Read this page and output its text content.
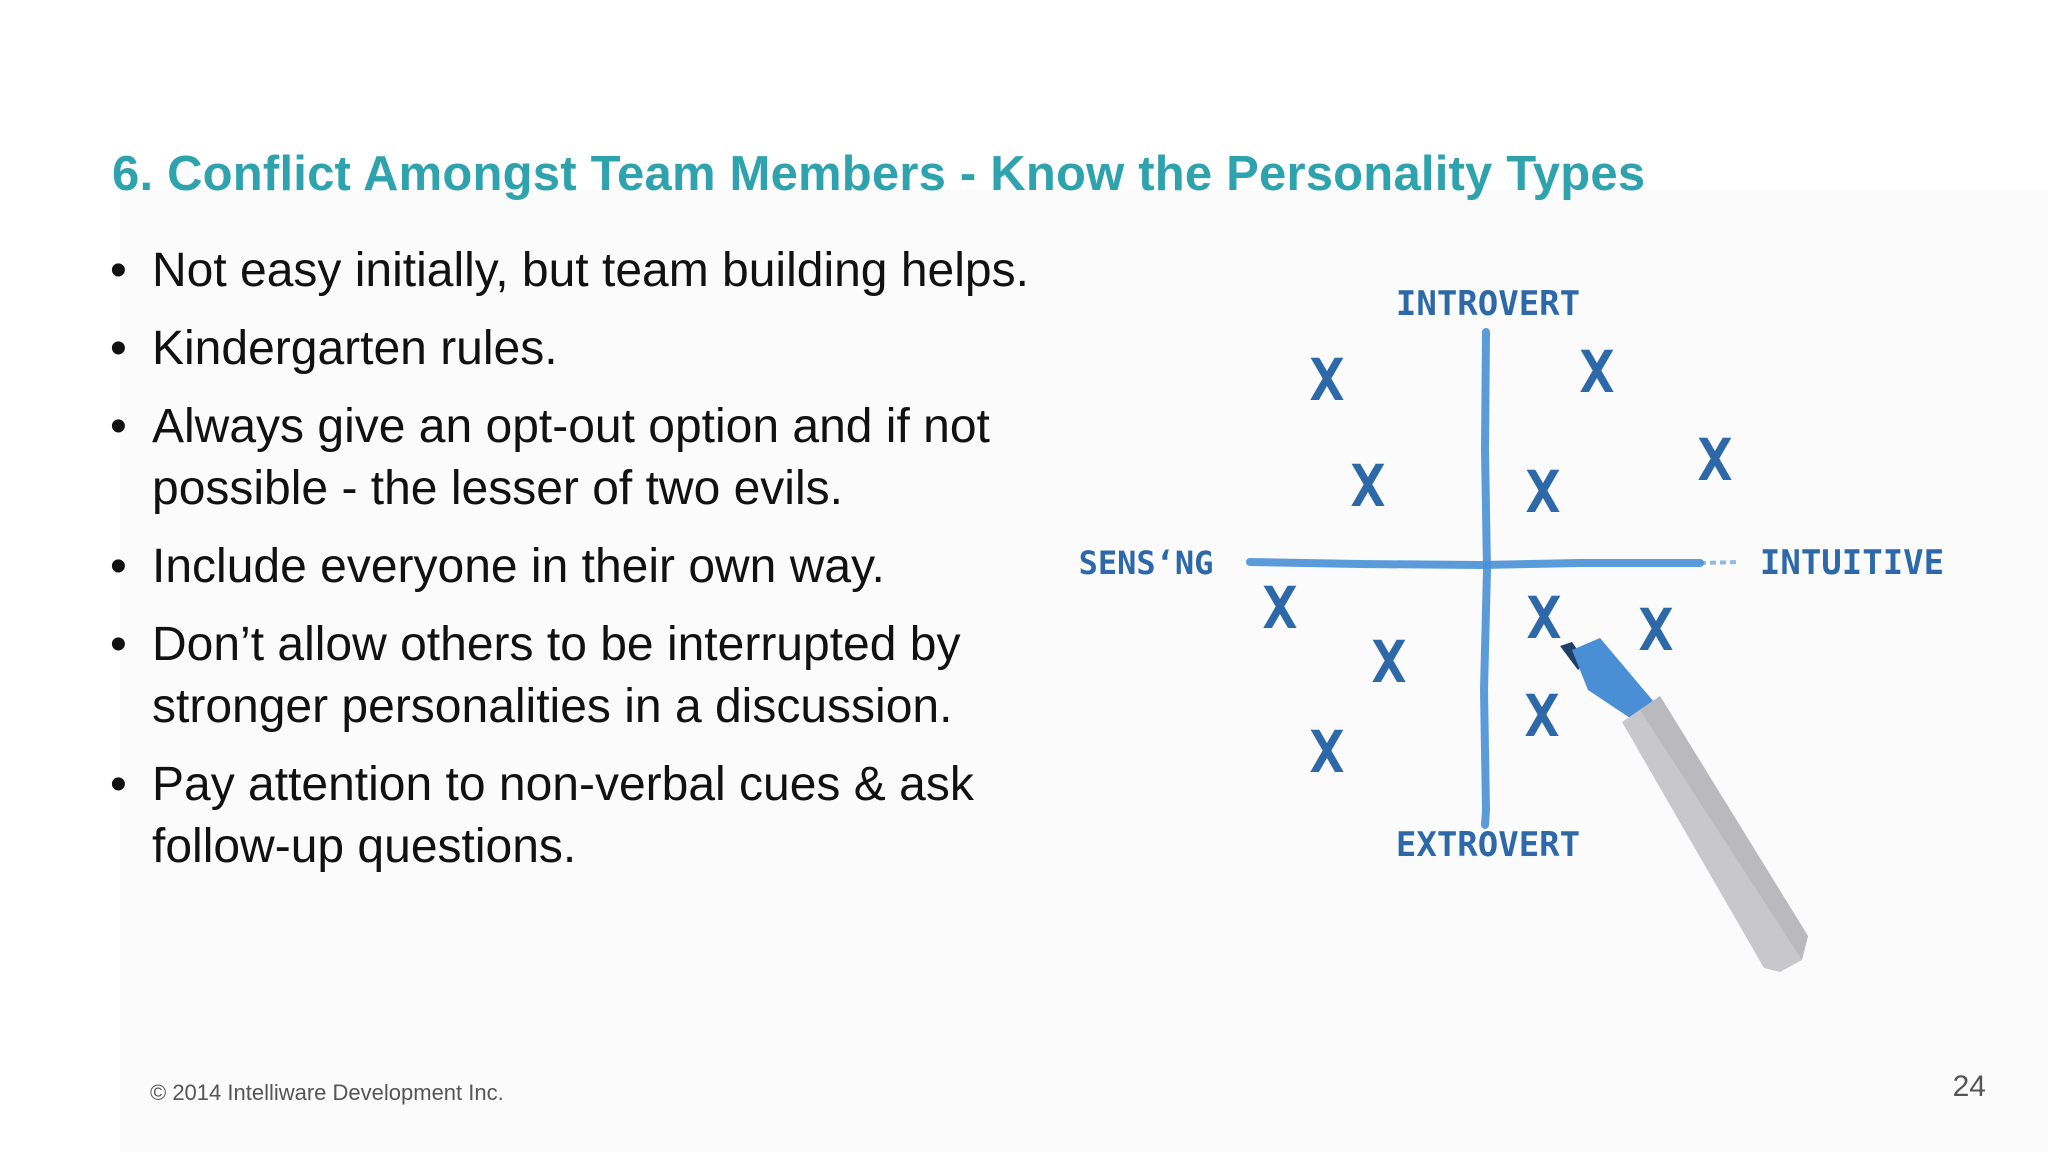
6. Conflict Amongst Team Members - Know the Personality Types
• Not easy initially, but team building helps.
• Kindergarten rules.
• Always give an opt-out option and if not possible - the lesser of two evils.
• Include everyone in their own way.
• Don’t allow others to be interrupted by stronger personalities in a discussion.
• Pay attention to non-verbal cues & ask follow-up questions.
INTROVERT
EXTROVERT
SENS‘NG	INTUITIVE
X	X
X
X X
X	X X
X
X
X
© 2014 Intelliware Development Inc.	24
